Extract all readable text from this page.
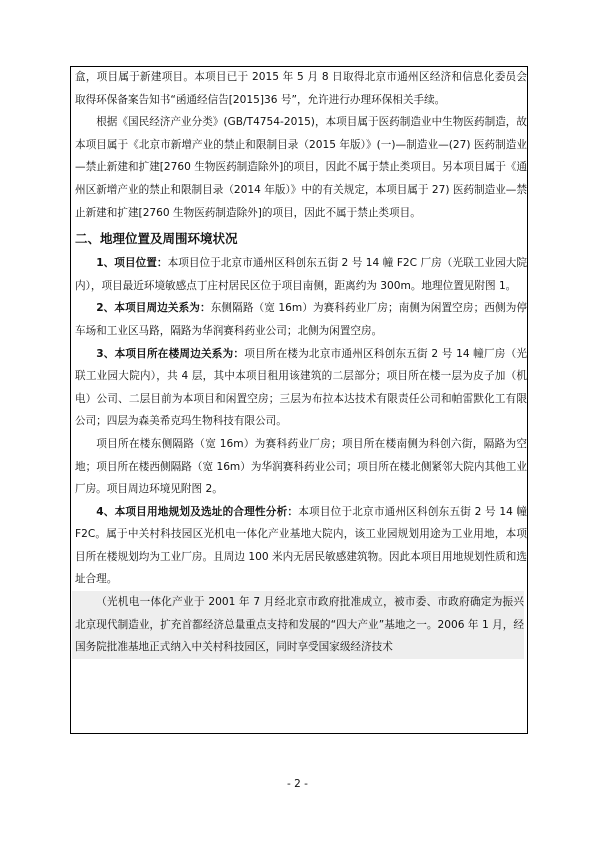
盒，项目属于新建项目。本项目已于 2015 年 5 月 8 日取得北京市通州区经济和信息化委员会取得环保备案告知书“函通经信告[2015]36 号”，允许进行办理环保相关手续。

根据《国民经济产业分类》(GB/T4754-2015)，本项目属于医药制造业中生物医药制造，故本项目属于《北京市新增产业的禁止和限制目录（2015 年版）》(一)—制造业—(27) 医药制造业—禁止新建和扩建[2760 生物医药制造除外]的项目，因此不属于禁止类项目。另本项目属于《通州区新增产业的禁止和限制目录（2014 年版）》中的有关规定，本项目属于 27) 医药制造业—禁止新建和扩建[2760 生物医药制造除外]的项目，因此不属于禁止类项目。

二、地理位置及周围环境状况

1、项目位置：本项目位于北京市通州区科创东五街 2 号 14 幢 F2C 厂房（光联工业园大院内），项目最近环境敏感点丁庄村居民区位于项目南侧，距离约为 300m。地理位置见附图 1。

2、本项目周边关系为：东侧隔路（宽 16m）为赛科药业厂房；南侧为闲置空房；西侧为停车场和工业区马路，隔路为华润赛科药业公司；北侧为闲置空房。

3、本项目所在楼周边关系为：项目所在楼为北京市通州区科创东五街 2 号 14 幢厂房（光联工业园大院内），共 4 层，其中本项目租用该建筑的二层部分；项目所在楼一层为皮子加（机电）公司、二层目前为本项目和闲置空房；三层为布拉本达技术有限责任公司和帕雷默化工有限公司；四层为森美希克玛生物科技有限公司。

项目所在楼东侧隔路（宽 16m）为赛科药业厂房；项目所在楼南侧为科创六街，隔路为空地；项目所在楼西侧隔路（宽 16m）为华润赛科药业公司；项目所在楼北侧紧邻大院内其他工业厂房。项目周边环境见附图 2。

4、本项目用地规划及选址的合理性分析：本项目位于北京市通州区科创东五街 2 号 14 幢 F2C。属于中关村科技园区光机电一体化产业基地大院内，该工业园规划用途为工业用地，本项目所在楼规划均为工业厂房。且周边 100 米内无居民敏感建筑物。因此本项目用地规划性质和选址合理。

（光机电一体化产业于 2001 年 7 月经北京市政府批准成立，被市委、市政府确定为振兴北京现代制造业，扩充首都经济总量重点支持和发展的“四大产业”基地之一。2006 年 1 月，经国务院批准基地正式纳入中关村科技园区，同时享受国家级经济技术

- 2 -
